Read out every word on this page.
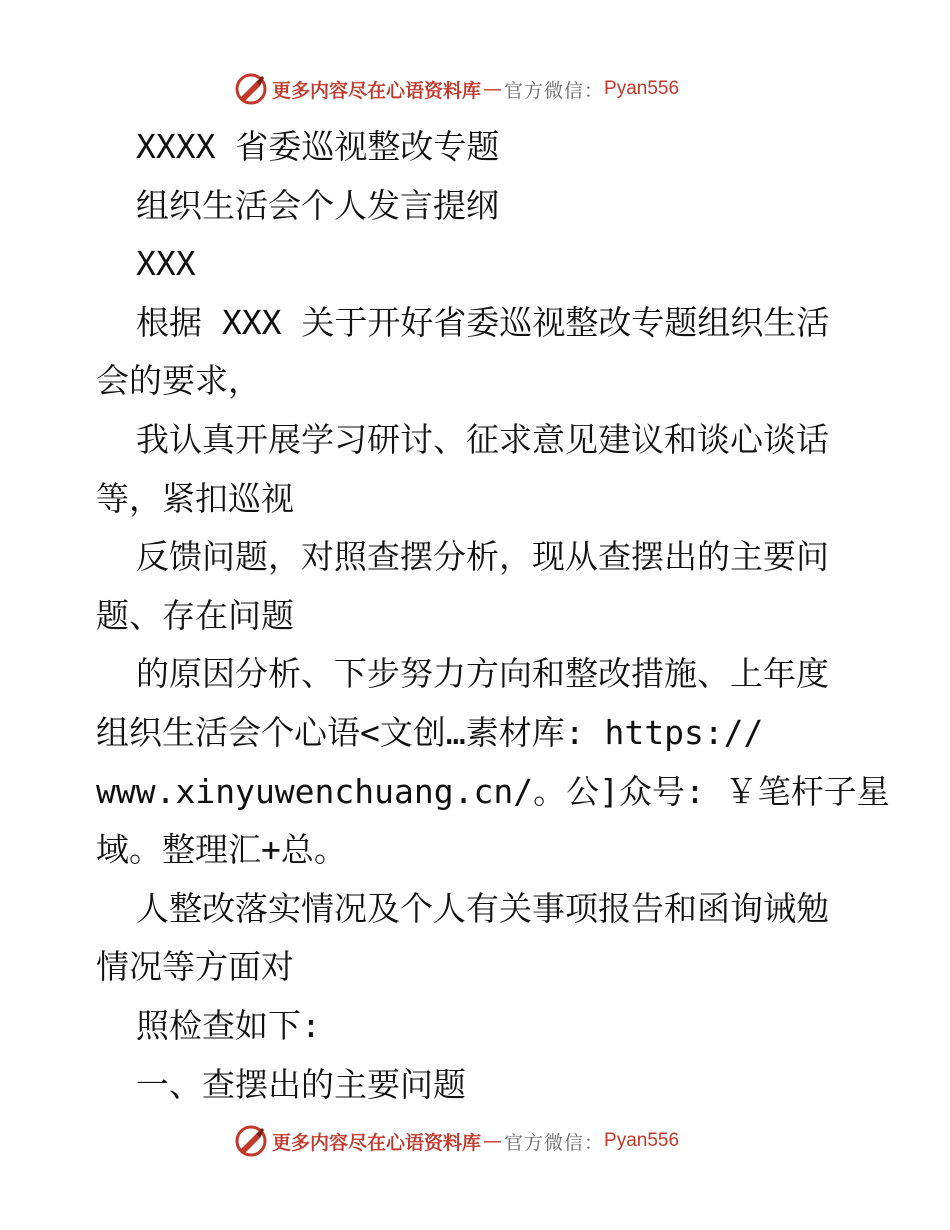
更多内容尽在心语资料库 — 官方微信： Pyan556
XXXX 省委巡视整改专题
组织生活会个人发言提纲
XXX
根据 XXX 关于开好省委巡视整改专题组织生活
会的要求，
我认真开展学习研讨、征求意见建议和谈心谈话
等，紧扣巡视
反馈问题，对照查摆分析，现从查摆出的主要问
题、存在问题
的原因分析、下步努力方向和整改措施、上年度
组织生活会个心语<文创…素材库: https://
www.xinyuwenchuang.cn/。公]众号: ￥笔杆子星
域。整理汇+总。
人整改落实情况及个人有关事项报告和函询诫勉
情况等方面对
照检查如下:
一、查摆出的主要问题
更多内容尽在心语资料库 — 官方微信： Pyan556
